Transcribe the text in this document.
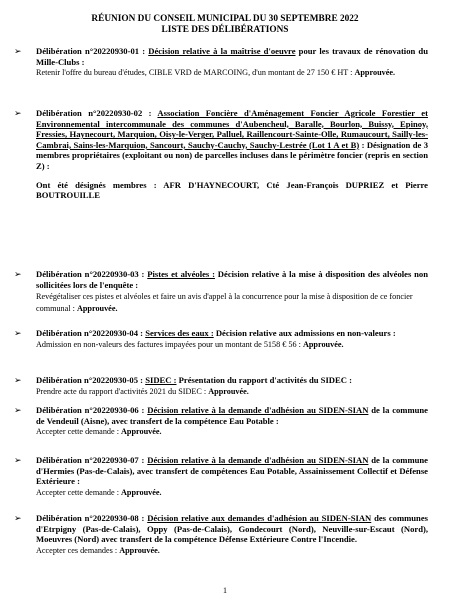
RÉUNION DU CONSEIL MUNICIPAL DU 30 SEPTEMBRE 2022
LISTE DES DÉLIBÉRATIONS
➢ Délibération n°20220930-01 : Décision relative à la maîtrise d'oeuvre pour les travaux de rénovation du Mille-Clubs :
Retenir l'offre du bureau d'études, CIBLE VRD de MARCOING, d'un montant de 27 150 € HT : Approuvée.
➢ Délibération n°20220930-02 : Association Foncière d'Aménagement Foncier Agricole Forestier et Environnemental intercommunale des communes d'Aubencheul, Baralle, Bourlon, Buissy, Epinoy, Fressies, Haynecourt, Marquion, Oisy-le-Verger, Palluel, Raillencourt-Sainte-Olle, Rumaucourt, Sailly-les-Cambrai, Sains-les-Marquion, Sancourt, Sauchy-Cauchy, Sauchy-Lestrée (Lot 1 A et B) : Désignation de 3 membres propriétaires (exploitant ou non) de parcelles incluses dans le périmètre foncier (repris en section Z) :
Ont été désignés membres : AFR D'HAYNECOURT, Cté Jean-François DUPRIEZ et Pierre BOUTROUILLE
➢ Délibération n°20220930-03 : Pistes et alvéoles : Décision relative à la mise à disposition des alvéoles non sollicitées lors de l'enquête :
Revégétaliser ces pistes et alvéoles et faire un avis d'appel à la concurrence pour la mise à disposition de ce foncier communal : Approuvée.
➢ Délibération n°20220930-04 : Services des eaux : Décision relative aux admissions en non-valeurs :
Admission en non-valeurs des factures impayées pour un montant de 5158 € 56 : Approuvée.
➢ Délibération n°20220930-05 : SIDEC : Présentation du rapport d'activités du SIDEC :
Prendre acte du rapport d'activités 2021 du SIDEC : Approuvée.
➢ Délibération n°20220930-06 : Décision relative à la demande d'adhésion au SIDEN-SIAN de la commune de Vendeuil (Aisne), avec transfert de la compétence Eau Potable :
Accepter cette demande : Approuvée.
➢ Délibération n°20220930-07 : Décision relative à la demande d'adhésion au SIDEN-SIAN de la commune d'Hermies (Pas-de-Calais), avec transfert de compétences Eau Potable, Assainissement Collectif et Défense Extérieure :
Accepter cette demande : Approuvée.
➢ Délibération n°20220930-08 : Décision relative aux demandes d'adhésion au SIDEN-SIAN des communes d'Etrpigny (Pas-de-Calais), Oppy (Pas-de-Calais), Gondecourt (Nord), Neuville-sur-Escaut (Nord), Moeuvres (Nord) avec transfert de la compétence Défense Extérieure Contre l'Incendie.
Accepter ces demandes : Approuvée.
1
